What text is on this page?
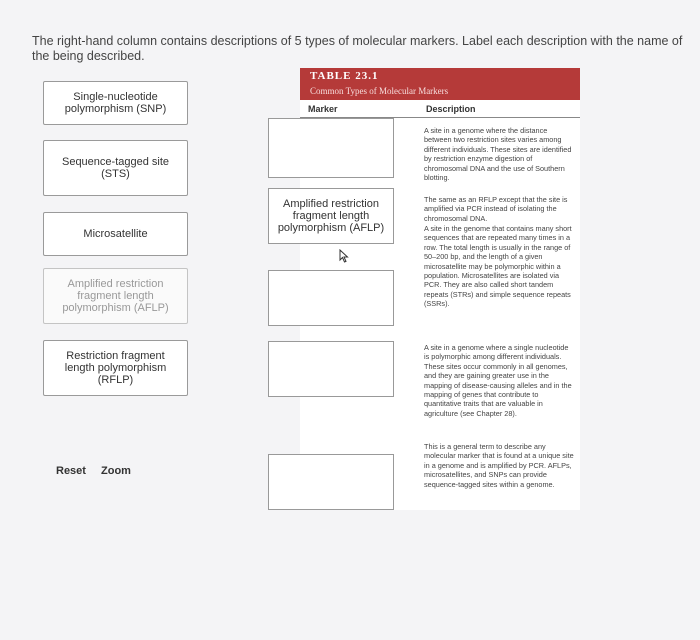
The right-hand column contains descriptions of 5 types of molecular markers. Label each description with the name of the being described.
Single-nucleotide polymorphism (SNP)
Sequence-tagged site (STS)
Microsatellite
Amplified restriction fragment length polymorphism (AFLP)
Restriction fragment length polymorphism (RFLP)
Reset Zoom
TABLE 23.1
Common Types of Molecular Markers
Marker	Description
A site in a genome where the distance between two restriction sites varies among different individuals. These sites are identified by restriction enzyme digestion of chromosomal DNA and the use of Southern blotting.
The same as an RFLP except that the site is amplified via PCR instead of isolating the chromosomal DNA.
A site in the genome that contains many short sequences that are repeated many times in a row. The total length is usually in the range of 50–200 bp, and the length of a given microsatellite may be polymorphic within a population. Microsatellites are isolated via PCR. They are also called short tandem repeats (STRs) and simple sequence repeats (SSRs).
A site in a genome where a single nucleotide is polymorphic among different individuals. These sites occur commonly in all genomes, and they are gaining greater use in the mapping of disease-causing alleles and in the mapping of genes that contribute to quantitative traits that are valuable in agriculture (see Chapter 28).
This is a general term to describe any molecular marker that is found at a unique site in a genome and is amplified by PCR. AFLPs, microsatellites, and SNPs can provide sequence-tagged sites within a genome.
Amplified restriction fragment length polymorphism (AFLP)
